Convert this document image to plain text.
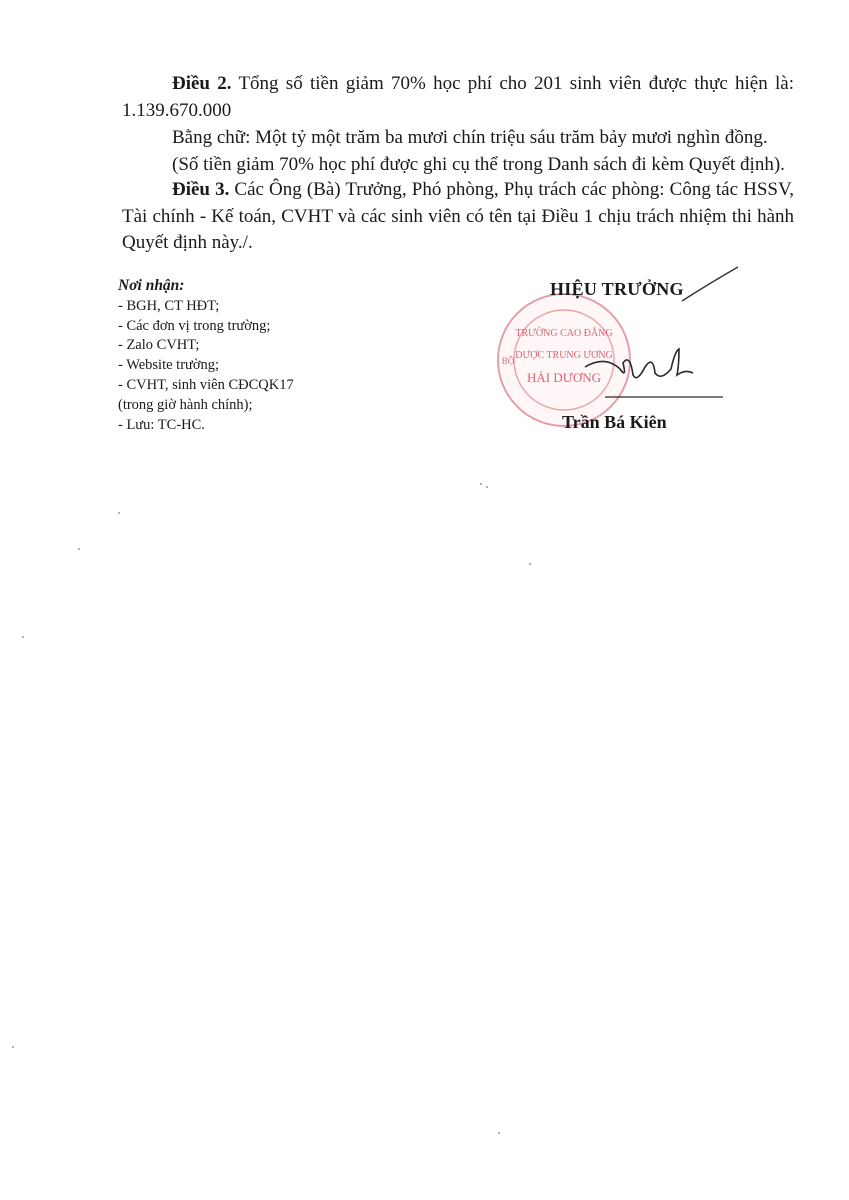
Điều 2. Tổng số tiền giảm 70% học phí cho 201 sinh viên được thực hiện là: 1.139.670.000

Bằng chữ: Một tỷ một trăm ba mươi chín triệu sáu trăm bảy mươi nghìn đồng.

(Số tiền giảm 70% học phí được ghi cụ thể trong Danh sách đi kèm Quyết định).

Điều 3. Các Ông (Bà) Trưởng, Phó phòng, Phụ trách các phòng: Công tác HSSV, Tài chính - Kế toán, CVHT và các sinh viên có tên tại Điều 1 chịu trách nhiệm thi hành Quyết định này./.

Nơi nhận:
- BGH, CT HĐT;
- Các đơn vị trong trường;
- Zalo CVHT;
- Website trường;
- CVHT, sinh viên CĐCQK17
(trong giờ hành chính);
- Lưu: TC-HC.
TRƯỜNG CAO ĐẲNG
DƯỢC TRUNG ƯƠNG
HẢI DƯƠNG
BỘ
HIỆU TRƯỞNG
Trần Bá Kiên
